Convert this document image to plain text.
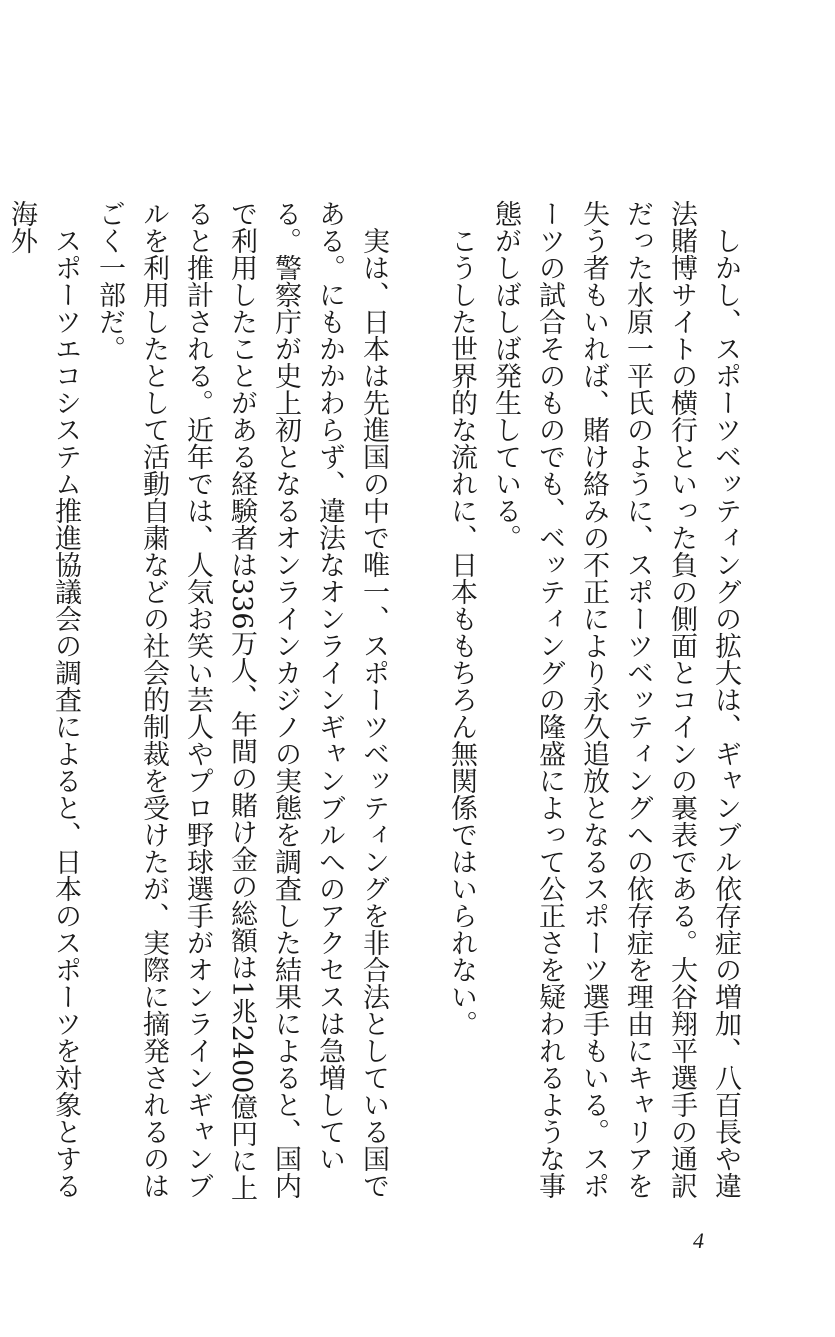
しかし、スポーツベッティングの拡大は、ギャンブル依存症の増加、八百長や違法賭博サイトの横行といった負の側面とコインの裏表である。大谷翔平選手の通訳だった水原一平氏のように、スポーツベッティングへの依存症を理由にキャリアを失う者もいれば、賭け絡みの不正により永久追放となるスポーツ選手もいる。スポーツの試合そのものでも、ベッティングの隆盛によって公正さを疑われるような事態がしばしば発生している。

こうした世界的な流れに、日本ももちろん無関係ではいられない。

実は、日本は先進国の中で唯一、スポーツベッティングを非合法としている国である。にもかかわらず、違法なオンラインギャンブルへのアクセスは急増している。警察庁が史上初となるオンラインカジノの実態を調査した結果によると、国内で利用したことがある経験者は336万人、年間の賭け金の総額は1兆2400億円に上ると推計される。近年では、人気お笑い芸人やプロ野球選手がオンラインギャンブルを利用したとして活動自粛などの社会的制裁を受けたが、実際に摘発されるのはごく一部だ。

スポーツエコシステム推進協議会の調査によると、日本のスポーツを対象とする海外

4
